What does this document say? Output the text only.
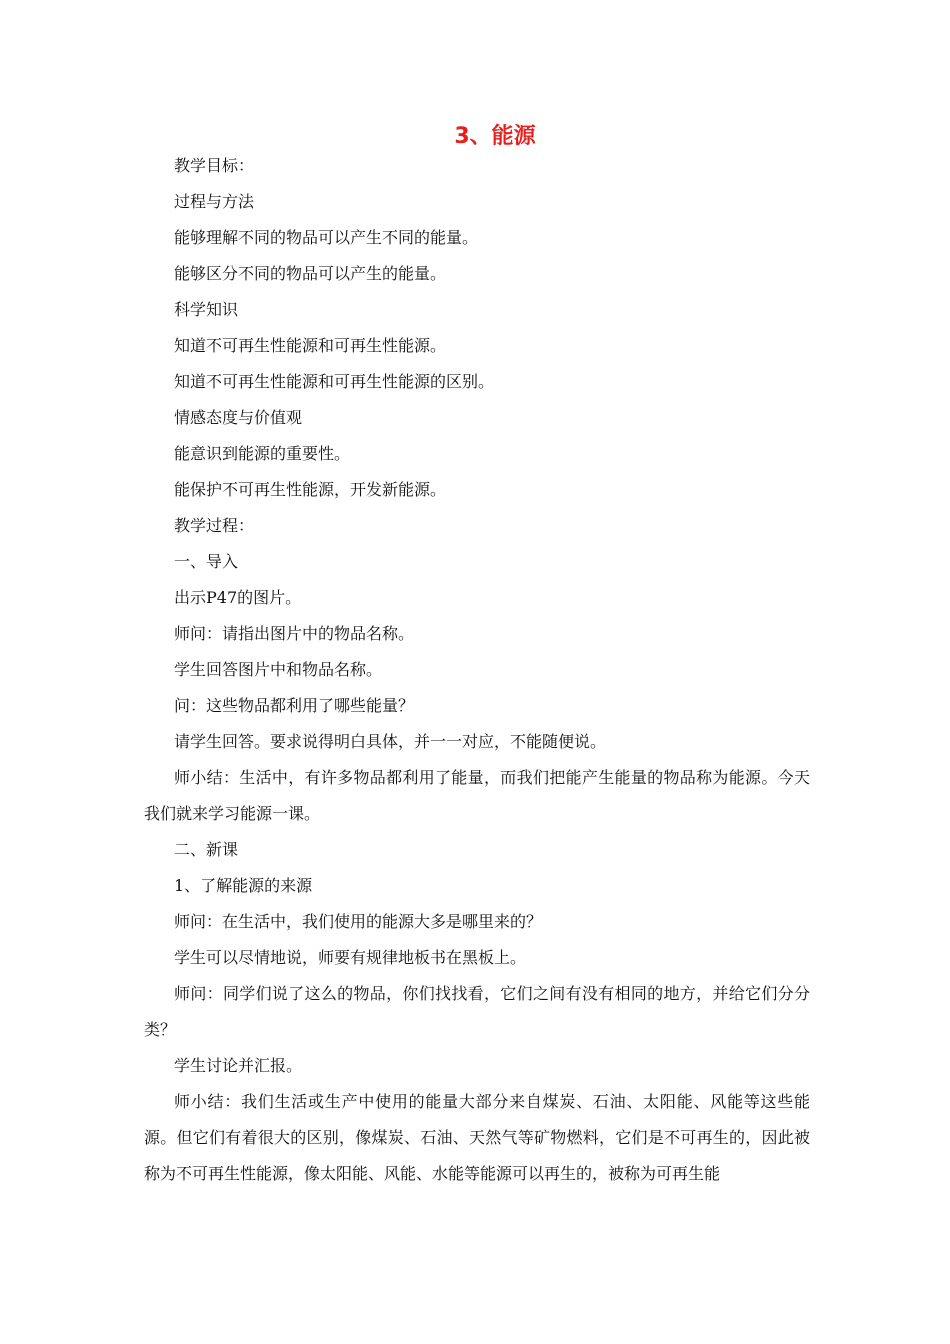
3、能源

教学目标：

过程与方法

能够理解不同的物品可以产生不同的能量。

能够区分不同的物品可以产生的能量。

科学知识

知道不可再生性能源和可再生性能源。

知道不可再生性能源和可再生性能源的区别。

情感态度与价值观

能意识到能源的重要性。

能保护不可再生性能源，开发新能源。

教学过程：

一、导入

出示P47的图片。

师问：请指出图片中的物品名称。

学生回答图片中和物品名称。

问：这些物品都利用了哪些能量？

请学生回答。要求说得明白具体，并一一对应，不能随便说。

师小结：生活中，有许多物品都利用了能量，而我们把能产生能量的物品称为能源。今天我们就来学习能源一课。

二、新课

1、了解能源的来源

师问：在生活中，我们使用的能源大多是哪里来的？

学生可以尽情地说，师要有规律地板书在黑板上。

师问：同学们说了这么的物品，你们找找看，它们之间有没有相同的地方，并给它们分分类？

学生讨论并汇报。

师小结：我们生活或生产中使用的能量大部分来自煤炭、石油、太阳能、风能等这些能源。但它们有着很大的区别，像煤炭、石油、天然气等矿物燃料，它们是不可再生的，因此被称为不可再生性能源，像太阳能、风能、水能等能源可以再生的，被称为可再生能
